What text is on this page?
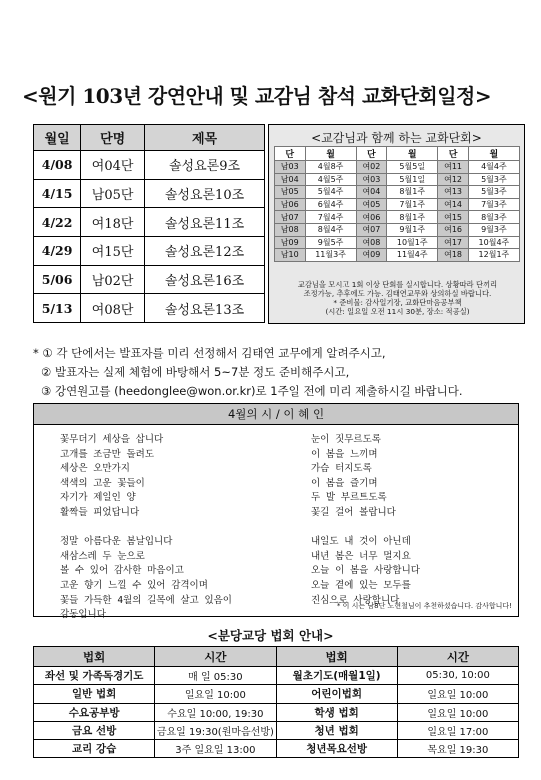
<원기 103년 강연안내 및 교감님 참석 교화단회일정>
월일	단명	제목
4/08	여04단	솔성요론9조
4/15	남05단	솔성요론10조
4/22	여18단	솔성요론11조
4/29	여15단	솔성요론12조
5/06	남02단	솔성요론16조
5/13	여08단	솔성요론13조
<교감님과 함께 하는 교화단회>
단	월	단	월	단	월
남03	4월8주	여02	5월5일	여11	4월4주
남04	4월5주	여03	5월1일	여12	5월3주
남05	5월4주	여04	8월1주	여13	5월3주
남06	6월4주	여05	7월1주	여14	7월3주
남07	7월4주	여06	8월1주	여15	8월3주
남08	8월4주	여07	9월1주	여16	9월3주
남09	9월5주	여08	10월1주	여17	10월4주
남10	11월3주	여09	11월4주	여18	12월1주
교감님을 모시고 1회 이상 단회를 실시합니다. 상황따라 단끼리
조정가능, 추후에도 가능. 김태연교무와 상의하실 바랍니다.
* 준비물: 감사일기장, 교화단마음공부책
(시간: 일요일 오전 11시 30분, 장소: 적공실)
* ① 각 단에서는 발표자를 미리 선정해서 김태연 교무에게 알려주시고,
② 발표자는 실제 체험에 바탕해서 5~7분 정도 준비해주시고,
③ 강연원고를 (heedonglee@won.or.kr)로 1주일 전에 미리 제출하시길 바랍니다.
4월의 시 / 이 혜 인
꽃무더기 세상을 삽니다
고개를 조금만 돌려도
세상은 오만가지
색색의 고운 꽃들이
자기가 제일인 양
활짝들 피었답니다

정말 아름다운 봄날입니다
새삼스레 두 눈으로
볼 수 있어 감사한 마음이고
고운 향기 느낄 수 있어 감격이며
꽃들 가득한 4월의 길목에 살고 있음이
감동입니다
눈이 짓무르도록
이 봄을 느끼며
가슴 터지도록
이 봄을 즐기며
두 발 부르트도록
꽃길 걸어 볼랍니다

내일도 내 것이 아닌데
내년 봄은 너무 멀지요
오늘 이 봄을 사랑합니다
오늘 곁에 있는 모두를
진심으로 사랑합니다
* 이 시는 남8단 노현철님이 추천하셨습니다. 감사합니다!
<분당교당 법회 안내>
법회	시간	법회	시간
좌선 및 가족독경기도	매 일 05:30	월초기도(매월1일)	05:30, 10:00
일반 법회	일요일 10:00	어린이법회	일요일 10:00
수요공부방	수요일 10:00, 19:30	학생 법회	일요일 10:00
금요 선방	금요일 19:30(원마음선방)	청년 법회	일요일 17:00
교리 강습	3주 일요일 13:00	청년목요선방	목요일 19:30
